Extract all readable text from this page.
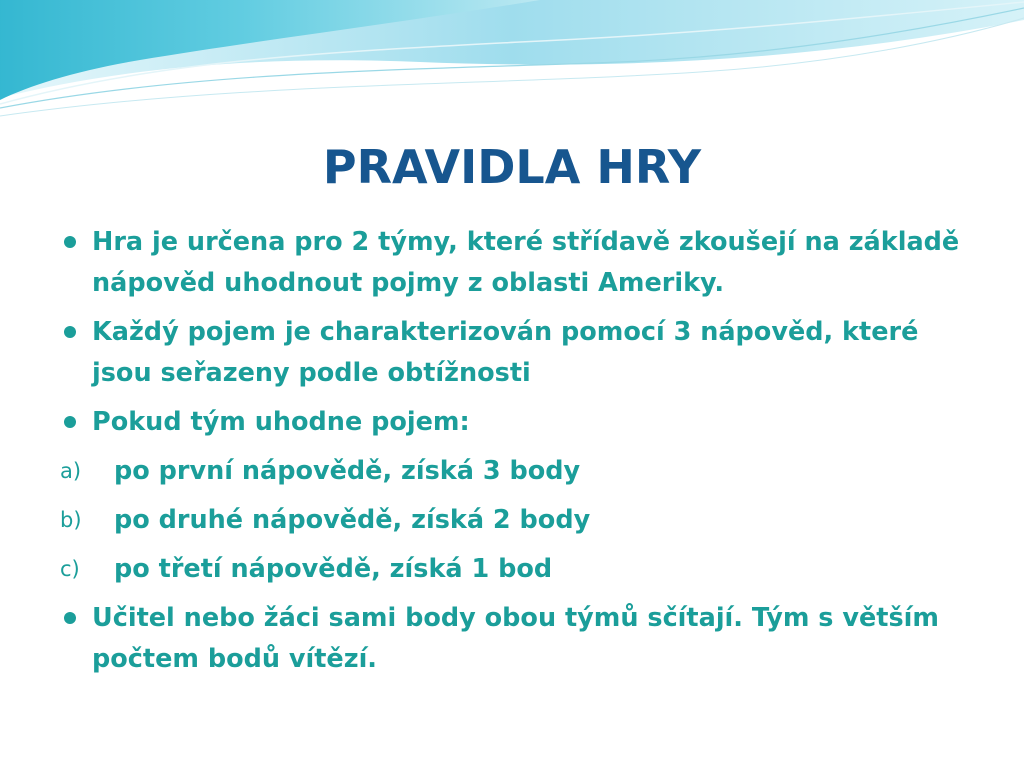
PRAVIDLA HRY
Hra je určena pro 2 týmy, které střídavě zkoušejí na základě nápověd uhodnout pojmy z oblasti Ameriky.
Každý pojem je charakterizován pomocí 3 nápověd, které jsou seřazeny podle obtížnosti
Pokud tým uhodne pojem:
a) po první nápovědě, získá 3 body
b) po druhé nápovědě, získá 2 body
c) po třetí nápovědě, získá 1 bod
Učitel nebo žáci sami body obou týmů sčítají. Tým s větším počtem bodů vítězí.
